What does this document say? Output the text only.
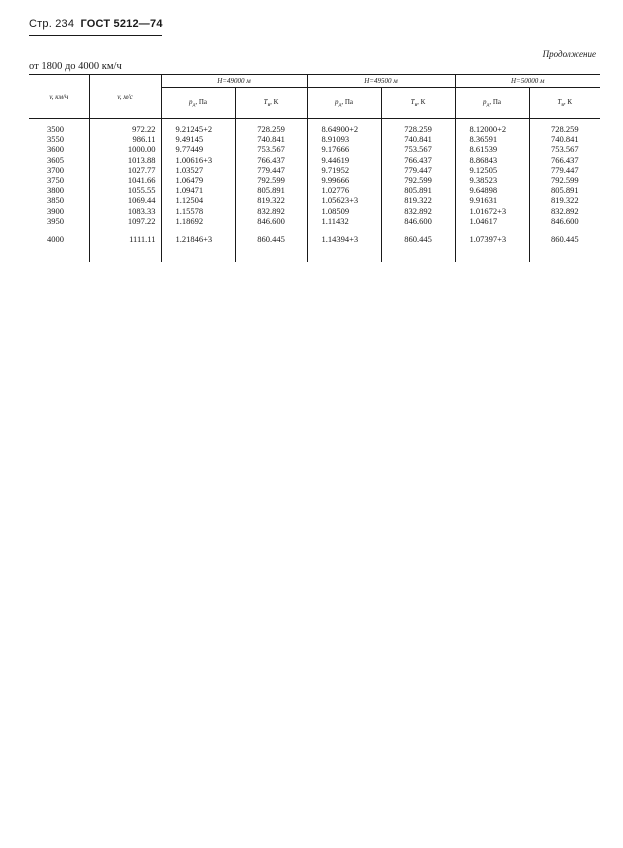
Стр. 234 ГОСТ 5212—74
Продолжение
от 1800 до 4000 км/ч
v, км/ч	v, м/с	H=49000 м		H=49500 м		H=50000 м	
		$p_д$, Па	$T_в$, К	$p_д$, Па	$T_в$, К	$p_д$, Па	$T_в$, К

3500	972.22	9.21245+2	728.259	8.64900+2	728.259	8.12000+2	728.259
3550	986.11	9.49145	740.841	8.91093	740.841	8.36591	740.841
3600	1000.00	9.77449	753.567	9.17666	753.567	8.61539	753.567
3605	1013.88	1.00616+3	766.437	9.44619	766.437	8.86843	766.437
3700	1027.77	1.03527	779.447	9.71952	779.447	9.12505	779.447
3750	1041.66	1.06479	792.599	9.99666	792.599	9.38523	792.599
3800	1055.55	1.09471	805.891	1.02776	805.891	9.64898	805.891
3850	1069.44	1.12504	819.322	1.05623+3	819.322	9.91631	819.322
3900	1083.33	1.15578	832.892	1.08509	832.892	1.01672+3	832.892
3950	1097.22	1.18692	846.600	1.11432	846.600	1.04617	846.600

4000	1111.11	1.21846+3	860.445	1.14394+3	860.445	1.07397+3	860.445
